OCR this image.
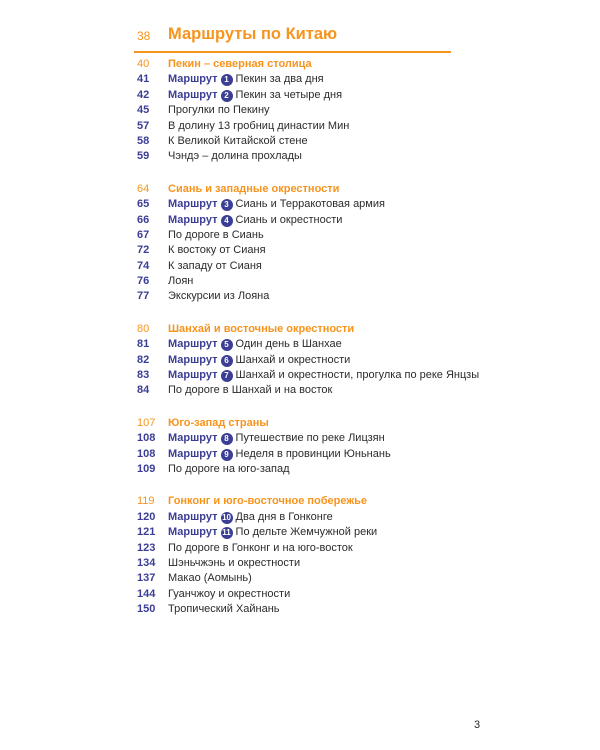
38	Маршруты по Китаю
40	Пекин – северная столица
41	Маршрут 1 Пекин за два дня
42	Маршрут 2 Пекин за четыре дня
45	Прогулки по Пекину
57	В долину 13 гробниц династии Мин
58	К Великой Китайской стене
59	Чэндэ – долина прохлады
64	Сиань и западные окрестности
65	Маршрут 3 Сиань и Терракотовая армия
66	Маршрут 4 Сиань и окрестности
67	По дороге в Сиань
72	К востоку от Сианя
74	К западу от Сианя
76	Лоян
77	Экскурсии из Лояна
80	Шанхай и восточные окрестности
81	Маршрут 5 Один день в Шанхае
82	Маршрут 6 Шанхай и окрестности
83	Маршрут 7 Шанхай и окрестности, прогулка по реке Янцзы
84	По дороге в Шанхай и на восток
107	Юго-запад страны
108	Маршрут 8 Путешествие по реке Лицзян
108	Маршрут 9 Неделя в провинции Юньнань
109	По дороге на юго-запад
119	Гонконг и юго-восточное побережье
120	Маршрут 10 Два дня в Гонконге
121	Маршрут 11 По дельте Жемчужной реки
123	По дороге в Гонконг и на юго-восток
134	Шэньчжэнь и окрестности
137	Макао (Аомынь)
144	Гуанчжоу и окрестности
150	Тропический Хайнань
3
